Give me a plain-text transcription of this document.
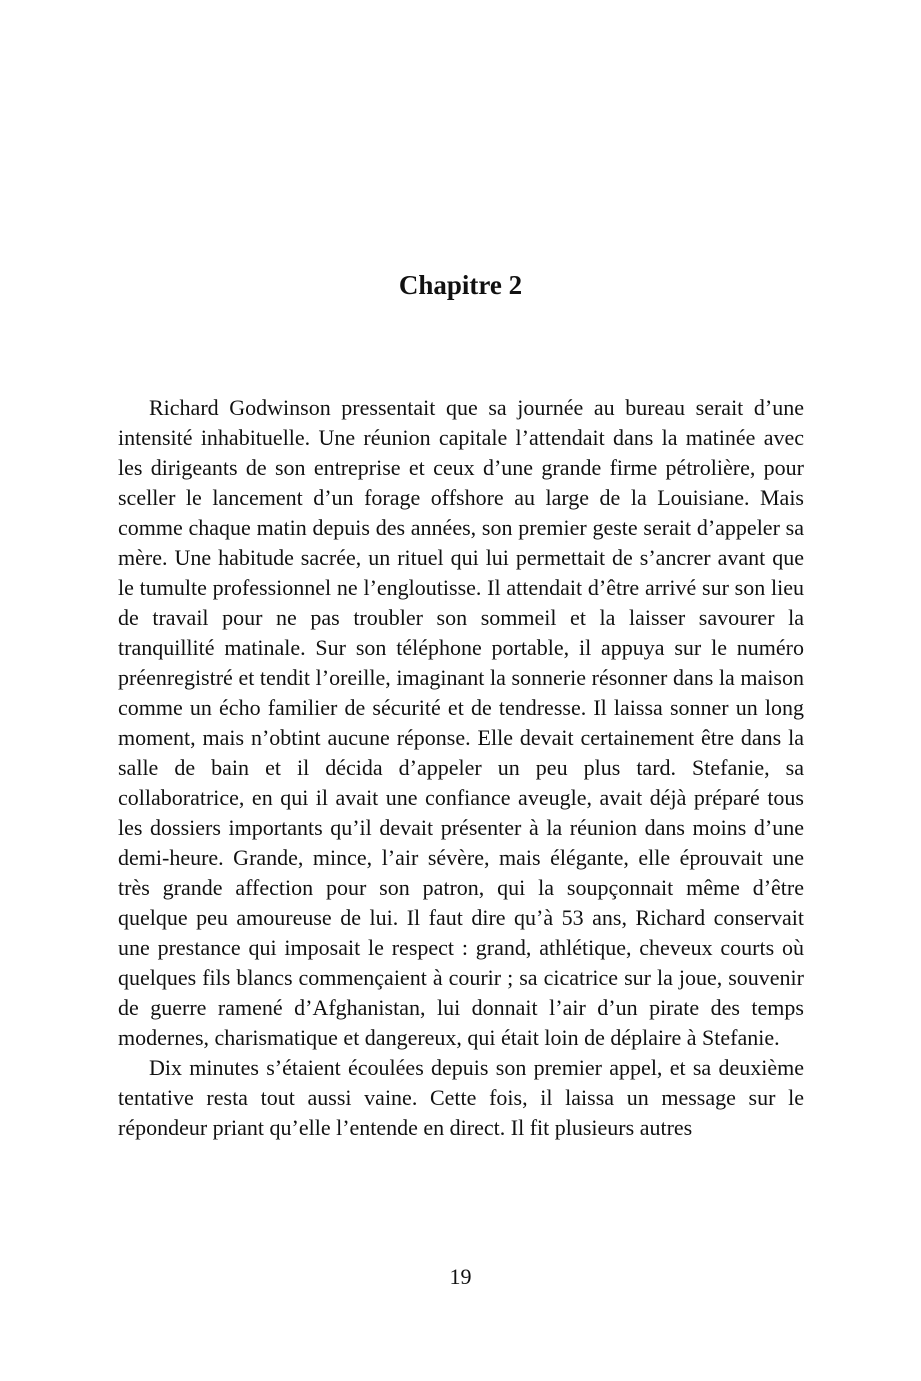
Chapitre 2

Richard Godwinson pressentait que sa journée au bureau serait d’une intensité inhabituelle. Une réunion capitale l’attendait dans la matinée avec les dirigeants de son entreprise et ceux d’une grande firme pétrolière, pour sceller le lancement d’un forage offshore au large de la Louisiane. Mais comme chaque matin depuis des années, son premier geste serait d’appeler sa mère. Une habitude sacrée, un rituel qui lui permettait de s’ancrer avant que le tumulte professionnel ne l’engloutisse. Il attendait d’être arrivé sur son lieu de travail pour ne pas troubler son sommeil et la laisser savourer la tranquillité matinale. Sur son téléphone portable, il appuya sur le numéro préenregistré et tendit l’oreille, imaginant la sonnerie résonner dans la maison comme un écho familier de sécurité et de tendresse. Il laissa sonner un long moment, mais n’obtint aucune réponse. Elle devait certainement être dans la salle de bain et il décida d’appeler un peu plus tard. Stefanie, sa collaboratrice, en qui il avait une confiance aveugle, avait déjà préparé tous les dossiers importants qu’il devait présenter à la réunion dans moins d’une demi-heure. Grande, mince, l’air sévère, mais élégante, elle éprouvait une très grande affection pour son patron, qui la soupçonnait même d’être quelque peu amoureuse de lui. Il faut dire qu’à 53 ans, Richard conservait une prestance qui imposait le respect : grand, athlétique, cheveux courts où quelques fils blancs commençaient à courir ; sa cicatrice sur la joue, souvenir de guerre ramené d’Afghanistan, lui donnait l’air d’un pirate des temps modernes, charismatique et dangereux, qui était loin de déplaire à Stefanie.

Dix minutes s’étaient écoulées depuis son premier appel, et sa deuxième tentative resta tout aussi vaine. Cette fois, il laissa un message sur le répondeur priant qu’elle l’entende en direct. Il fit plusieurs autres

19
